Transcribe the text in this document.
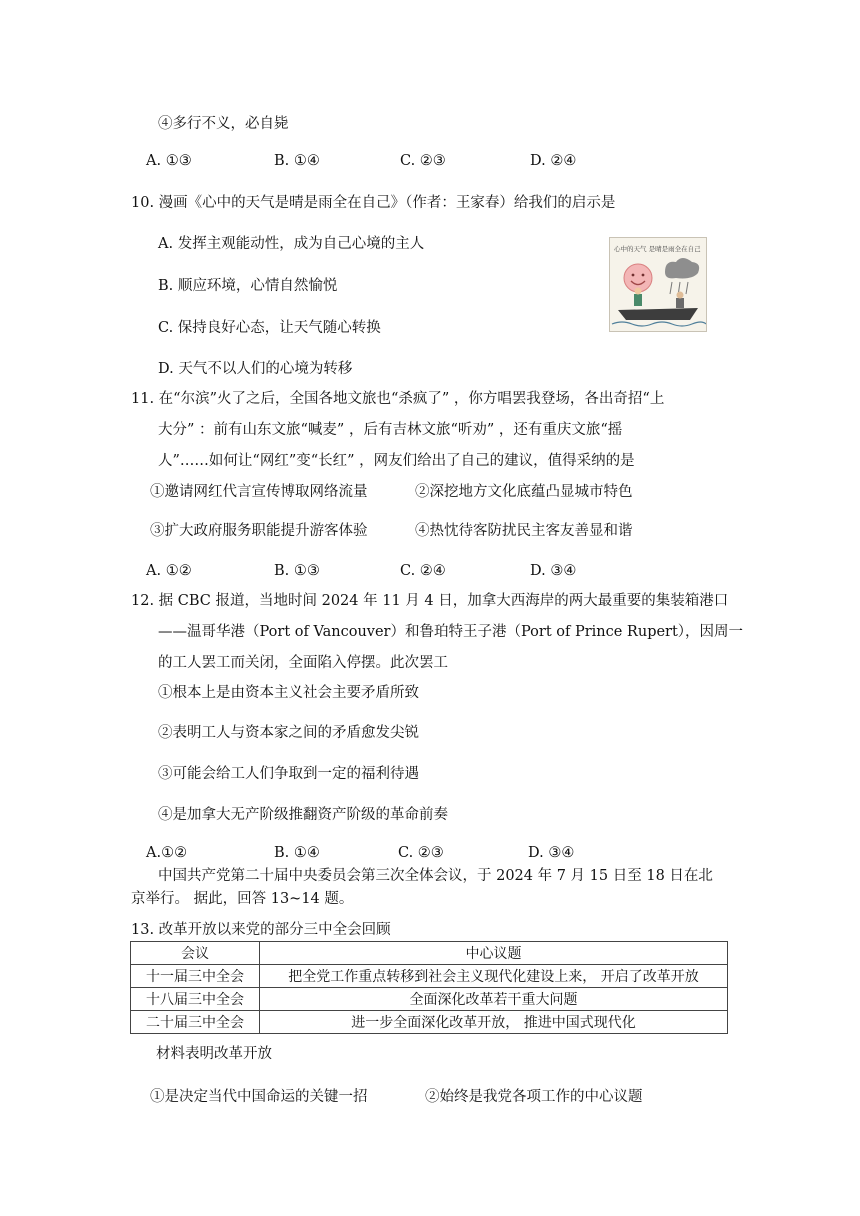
④多行不义，必自毙
A. ①③	B. ①④	C. ②③	D. ②④
10. 漫画《心中的天气是晴是雨全在自己》（作者：王家春）给我们的启示是
A. 发挥主观能动性，成为自己心境的主人
B. 顺应环境，心情自然愉悦
C. 保持良好心态，让天气随心转换
D. 天气不以人们的心境为转移
心中的天气 是晴是雨全在自己
11. 在“尔滨”火了之后，全国各地文旅也“杀疯了” ，你方唱罢我登场，各出奇招“上
大分” ：前有山东文旅“喊麦” ，后有吉林文旅“听劝” ，还有重庆文旅“摇
人”……如何让“网红”变“长红” ，网友们给出了自己的建议，值得采纳的是
①邀请网红代言宣传博取网络流量	②深挖地方文化底蕴凸显城市特色
③扩大政府服务职能提升游客体验	④热忱待客防扰民主客友善显和谐
A. ①②	B. ①③	C. ②④	D. ③④
12. 据 CBC 报道，当地时间 2024 年 11 月 4 日，加拿大西海岸的两大最重要的集装箱港口
——温哥华港（Port of Vancouver）和鲁珀特王子港（Port of Prince Rupert），因周一
的工人罢工而关闭，全面陷入停摆。此次罢工
①根本上是由资本主义社会主要矛盾所致
②表明工人与资本家之间的矛盾愈发尖锐
③可能会给工人们争取到一定的福利待遇
④是加拿大无产阶级推翻资产阶级的革命前奏
A.①②	B. ①④	C. ②③	D. ③④
中国共产党第二十届中央委员会第三次全体会议，于 2024 年 7 月 15 日至 18 日在北
京举行。 据此，回答 13~14 题。
13. 改革开放以来党的部分三中全会回顾
会议	中心议题
十一届三中全会	把全党工作重点转移到社会主义现代化建设上来， 开启了改革开放
十八届三中全会	全面深化改革若干重大问题
二十届三中全会	进一步全面深化改革开放， 推进中国式现代化
材料表明改革开放
①是决定当代中国命运的关键一招	②始终是我党各项工作的中心议题
